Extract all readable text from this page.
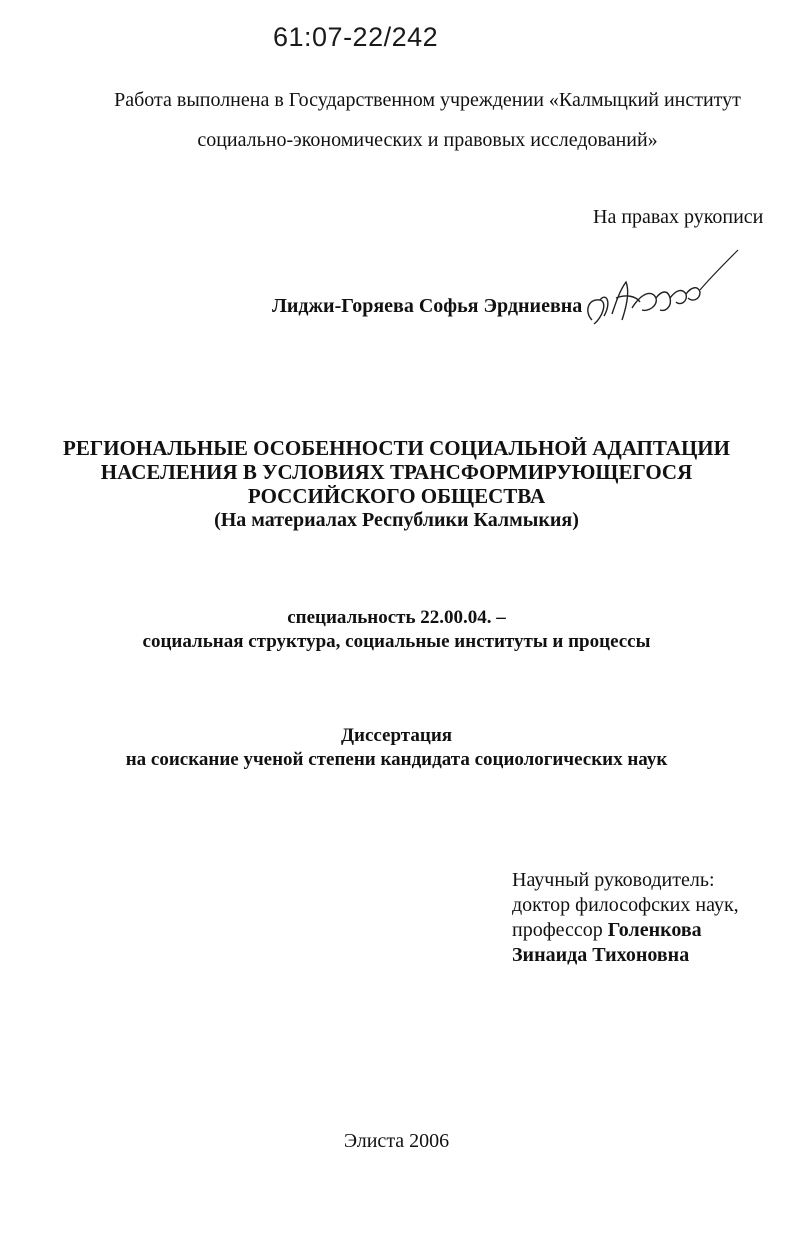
61:07-22/242
Работа выполнена в Государственном учреждении «Калмыцкий институт
социально-экономических и правовых исследований»
На правах рукописи
Лиджи-Горяева Софья Эрдниевна
РЕГИОНАЛЬНЫЕ ОСОБЕННОСТИ СОЦИАЛЬНОЙ АДАПТАЦИИ
НАСЕЛЕНИЯ В УСЛОВИЯХ ТРАНСФОРМИРУЮЩЕГОСЯ
РОССИЙСКОГО ОБЩЕСТВА
(На материалах Республики Калмыкия)
специальность 22.00.04. –
социальная структура, социальные институты и процессы
Диссертация
на соискание ученой степени кандидата социологических наук
Научный руководитель:
доктор философских наук,
профессор Голенкова
Зинаида Тихоновна
Элиста 2006
